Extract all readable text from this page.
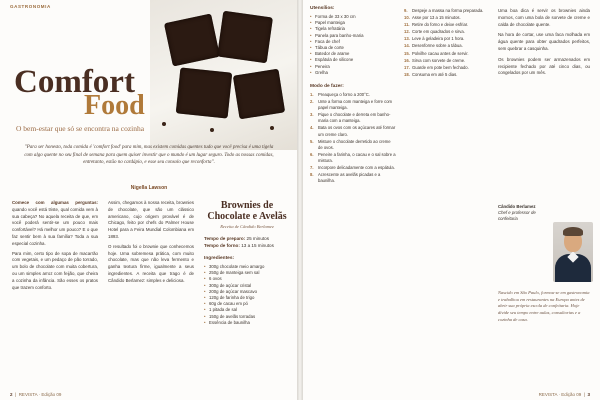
GASTRONOMIA
Comfort
Food
O bem-estar que só se encontra na cozinha
"Para ser honesto, toda comida é 'comfort food' para mim, mas existem comidas quentes tudo que você precisa é uma tigela com algo quente no seu final de semana para quem quiser investir que o mundo é um lugar seguro. Todo as nossas comidas, entretanto, estão no cardápio, e esse seu consolo que reconforta".
Nigella Lawson

Comece com algumas perguntas: quando você está triste, qual comida vem à sua cabeça? No aquela receita de que, em você poderá sentir-se um pouco mais confortável? Há melhor um pouco? E o que faz sentir bem à sua família? Toda a sua especial cozinha.

Para mim, certo tipo de sopa de macarrão com vegetais, e um pedaço de pão torrado, um bolo de chocolate com muita cobertura, ou um simples arroz com feijão, que cheira a cozinha da infância. São esses os pratos que trazem conforto.

Assim, chegamos à nossa receita, brownies de chocolate, que são um clássico americano, cujo origem provável é de Chicago, feito por chefs do Palmer House Hotel para a Feira Mundial Colombiana em 1893.

O resultado foi o brownie que conhecemos hoje. Uma sobremesa prática, com muito chocolate, mas que não leva fermento e ganha textura firme, igualmente a seus ingredientes. A receita que trago é de Cândido Berlamez: simples e deliciosa.

Brownies de Chocolate e Avelãs
Receita de Cândido Berlamez
Tempo de preparo: 25 minutos
Tempo de forno: 13 a 15 minutos
Ingredientes:
• 300g chocolate meio amargo
• 250g de manteiga sem sal
• 6 ovos
• 300g de açúcar cristal
• 200g de açúcar mascavo
• 120g de farinha de trigo
• 60g de cacau em pó
• 1 pitada de sal
• 150g de avelãs torradas
• Essência de baunilha
2  |  REVISTA · Edição 09
Utensílios:
• Forma de 33 x 30 cm
• Papel manteiga
• Tigela refratária
• Panela para banho-maria
• Faca de chef
• Tábua de corte
• Batedor de arame
• Espátula de silicone
• Peneira
• Grelha
Modo de fazer:
1. Preaqueça o forno a 200°C.
2. Unte a forma com manteiga e forre com papel manteiga.
3. Pique o chocolate e derreta em banho-maria com a manteiga.
4. Bata os ovos com os açúcares até formar um creme claro.
5. Misture o chocolate derretido ao creme de ovos.
6. Peneire a farinha, o cacau e o sal sobre a mistura.
7. Incorpore delicadamente com a espátula.
8. Acrescente as avelãs picadas e a baunilha.
9. Despeje a massa na forma preparada.
10. Asse por 13 a 15 minutos.
11. Retire do forno e deixe esfriar.
12. Corte em quadrados e sirva.
13. Leve à geladeira por 1 hora.
14. Desenforme sobre a tábua.
15. Polvilhe cacau antes de servir.
16. Sirva com sorvete de creme.
17. Guarde em pote bem fechado.
18. Consuma em até 5 dias.

Uma boa dica é servir os brownies ainda mornos, com uma bola de sorvete de creme e calda de chocolate quente.

Na hora de cortar, use uma faca molhada em água quente para obter quadrados perfeitos, sem quebrar a casquinha.

Os brownies podem ser armazenados em recipiente fechado por até cinco dias, ou congelados por um mês.

Cândido Berlamez
Chef e professor de confeitaria
Nascido em São Paulo, formou-se em gastronomia e trabalhou em restaurantes na Europa antes de abrir sua própria escola de confeitaria. Hoje divide seu tempo entre aulas, consultorias e a cozinha de casa.
REVISTA · Edição 09  |  3
